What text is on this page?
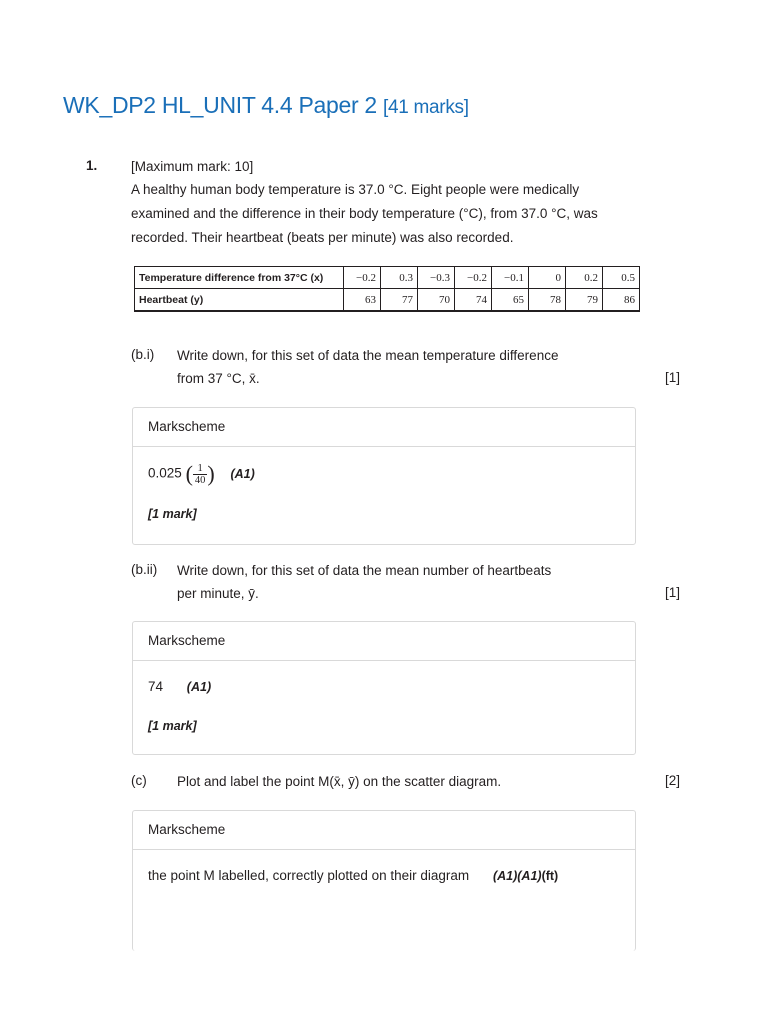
WK_DP2 HL_UNIT 4.4 Paper 2 [41 marks]
1. [Maximum mark: 10]
A healthy human body temperature is 37.0 °C. Eight people were medically
examined and the difference in their body temperature (°C), from 37.0 °C, was
recorded. Their heartbeat (beats per minute) was also recorded.
Temperature difference from 37°C (x)	−0.2	0.3	−0.3	−0.2	−0.1	0	0.2	0.5
Heartbeat (y)	63	77	70	74	65	78	79	86
(b.i) Write down, for this set of data the mean temperature difference
from 37 °C, x̄.	[1]
Markscheme
0.025 ( $\frac{1}{40}$ ) (A1)
[1 mark]
(b.ii) Write down, for this set of data the mean number of heartbeats
per minute, ȳ.	[1]
Markscheme
74 (A1)
[1 mark]
(c) Plot and label the point M(x̄, ȳ) on the scatter diagram.	[2]
Markscheme
the point M labelled, correctly plotted on their diagram (A1)(A1)(ft)
